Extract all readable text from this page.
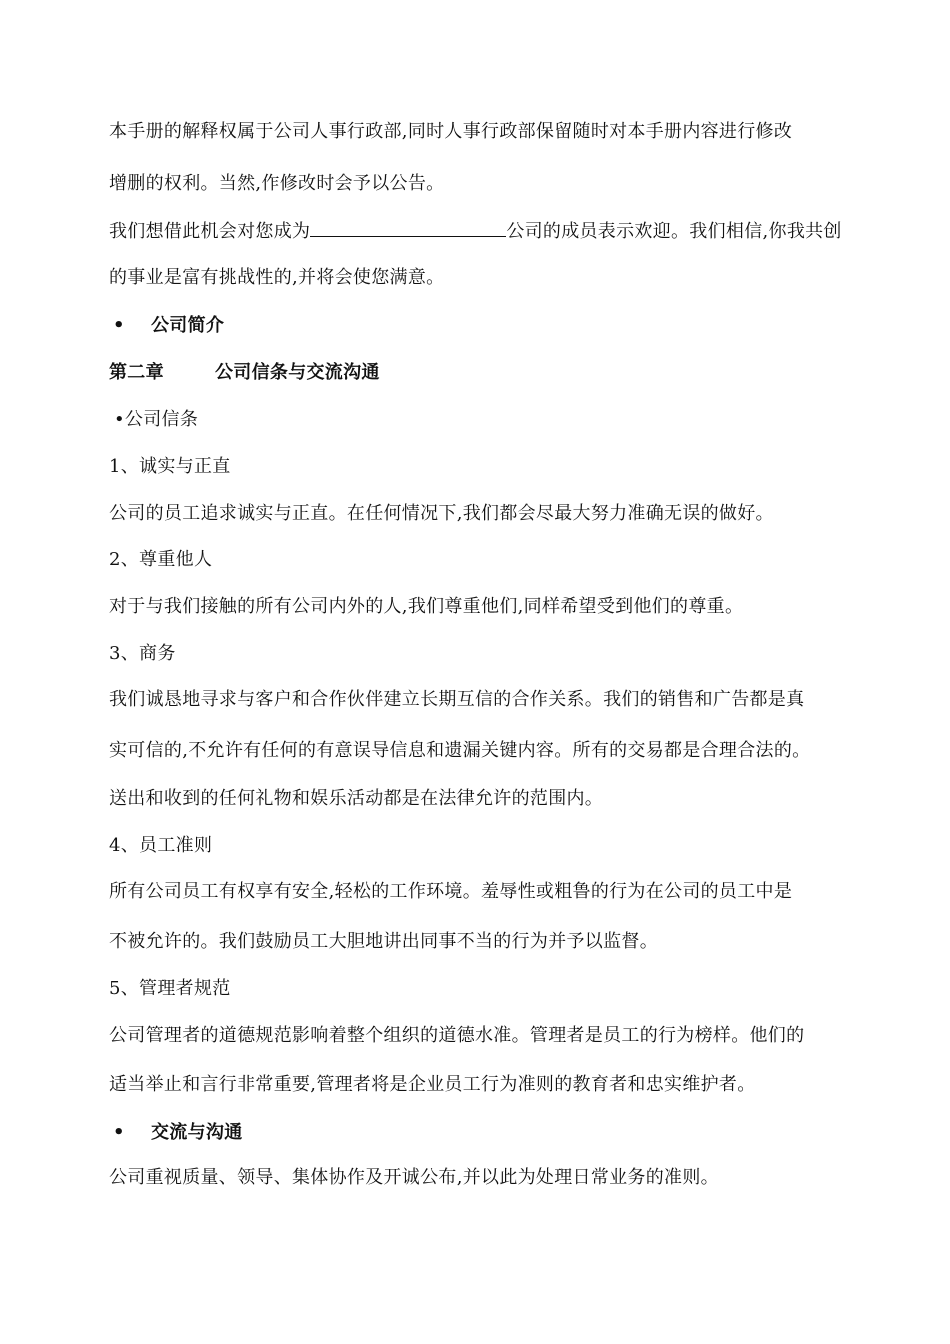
本手册的解释权属于公司人事行政部,同时人事行政部保留随时对本手册内容进行修改
增删的权利。当然,作修改时会予以公告。
我们想借此机会对您成为	公司的成员表示欢迎。我们相信,你我共创
的事业是富有挑战性的,并将会使您满意。
• 公司简介
第二章	公司信条与交流沟通
•公司信条
1、诚实与正直
公司的员工追求诚实与正直。在任何情况下,我们都会尽最大努力准确无误的做好。
2、尊重他人
对于与我们接触的所有公司内外的人,我们尊重他们,同样希望受到他们的尊重。
3、商务
我们诚恳地寻求与客户和合作伙伴建立长期互信的合作关系。我们的销售和广告都是真
实可信的,不允许有任何的有意误导信息和遗漏关键内容。所有的交易都是合理合法的。
送出和收到的任何礼物和娱乐活动都是在法律允许的范围内。
4、员工准则
所有公司员工有权享有安全,轻松的工作环境。羞辱性或粗鲁的行为在公司的员工中是
不被允许的。我们鼓励员工大胆地讲出同事不当的行为并予以监督。
5、管理者规范
公司管理者的道德规范影响着整个组织的道德水准。管理者是员工的行为榜样。他们的
适当举止和言行非常重要,管理者将是企业员工行为准则的教育者和忠实维护者。
• 交流与沟通
公司重视质量、领导、集体协作及开诚公布,并以此为处理日常业务的准则。
